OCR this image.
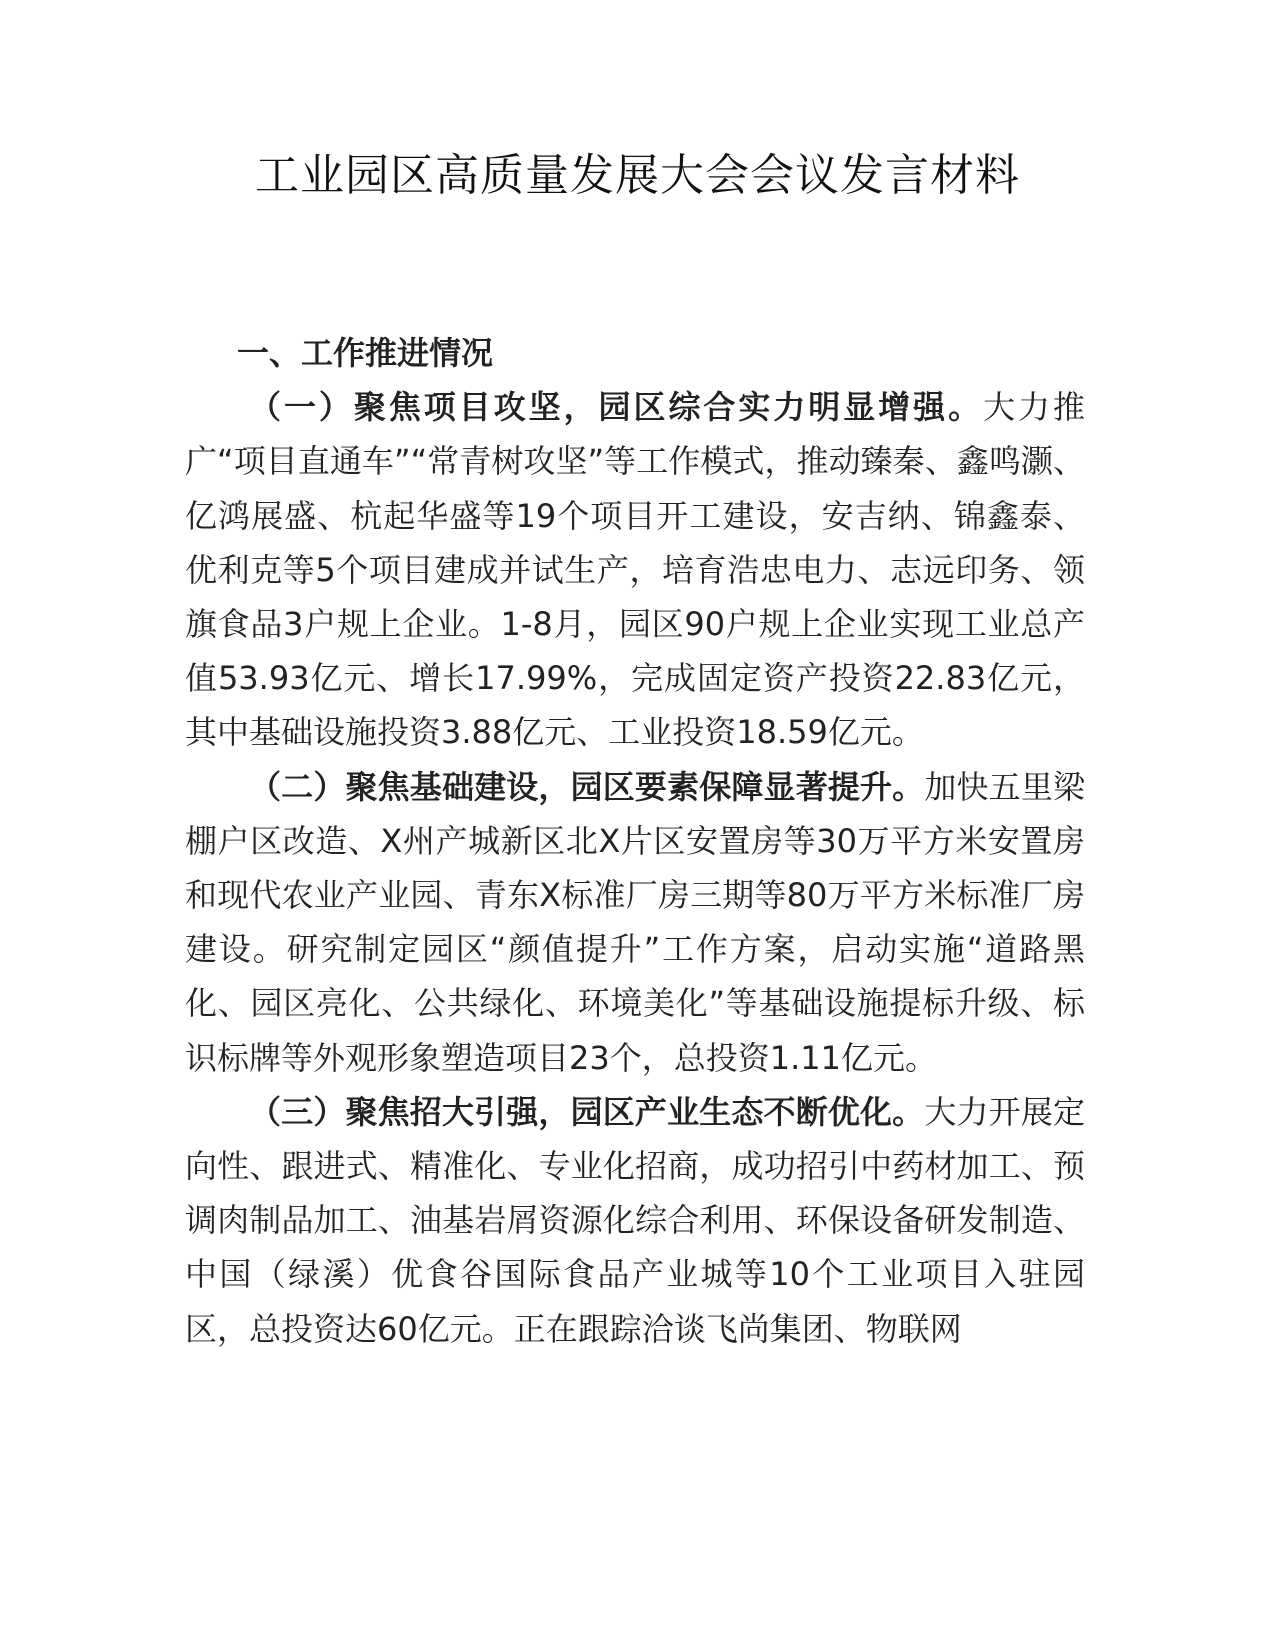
工业园区高质量发展大会会议发言材料

一、工作推进情况

（一）聚焦项目攻坚，园区综合实力明显增强。大力推广“项目直通车”“常青树攻坚”等工作模式，推动臻秦、鑫鸣灏、亿鸿展盛、杭起华盛等19个项目开工建设，安吉纳、锦鑫泰、优利克等5个项目建成并试生产，培育浩忠电力、志远印务、领旗食品3户规上企业。1-8月，园区90户规上企业实现工业总产值53.93亿元、增长17.99%，完成固定资产投资22.83亿元，其中基础设施投资3.88亿元、工业投资18.59亿元。

（二）聚焦基础建设，园区要素保障显著提升。加快五里梁棚户区改造、X州产城新区北X片区安置房等30万平方米安置房和现代农业产业园、青东X标准厂房三期等80万平方米标准厂房建设。研究制定园区“颜值提升”工作方案，启动实施“道路黑化、园区亮化、公共绿化、环境美化”等基础设施提标升级、标识标牌等外观形象塑造项目23个，总投资1.11亿元。

（三）聚焦招大引强，园区产业生态不断优化。大力开展定向性、跟进式、精准化、专业化招商，成功招引中药材加工、预调肉制品加工、油基岩屑资源化综合利用、环保设备研发制造、中国（绿溪）优食谷国际食品产业城等10个工业项目入驻园区，总投资达60亿元。正在跟踪洽谈飞尚集团、物联网
